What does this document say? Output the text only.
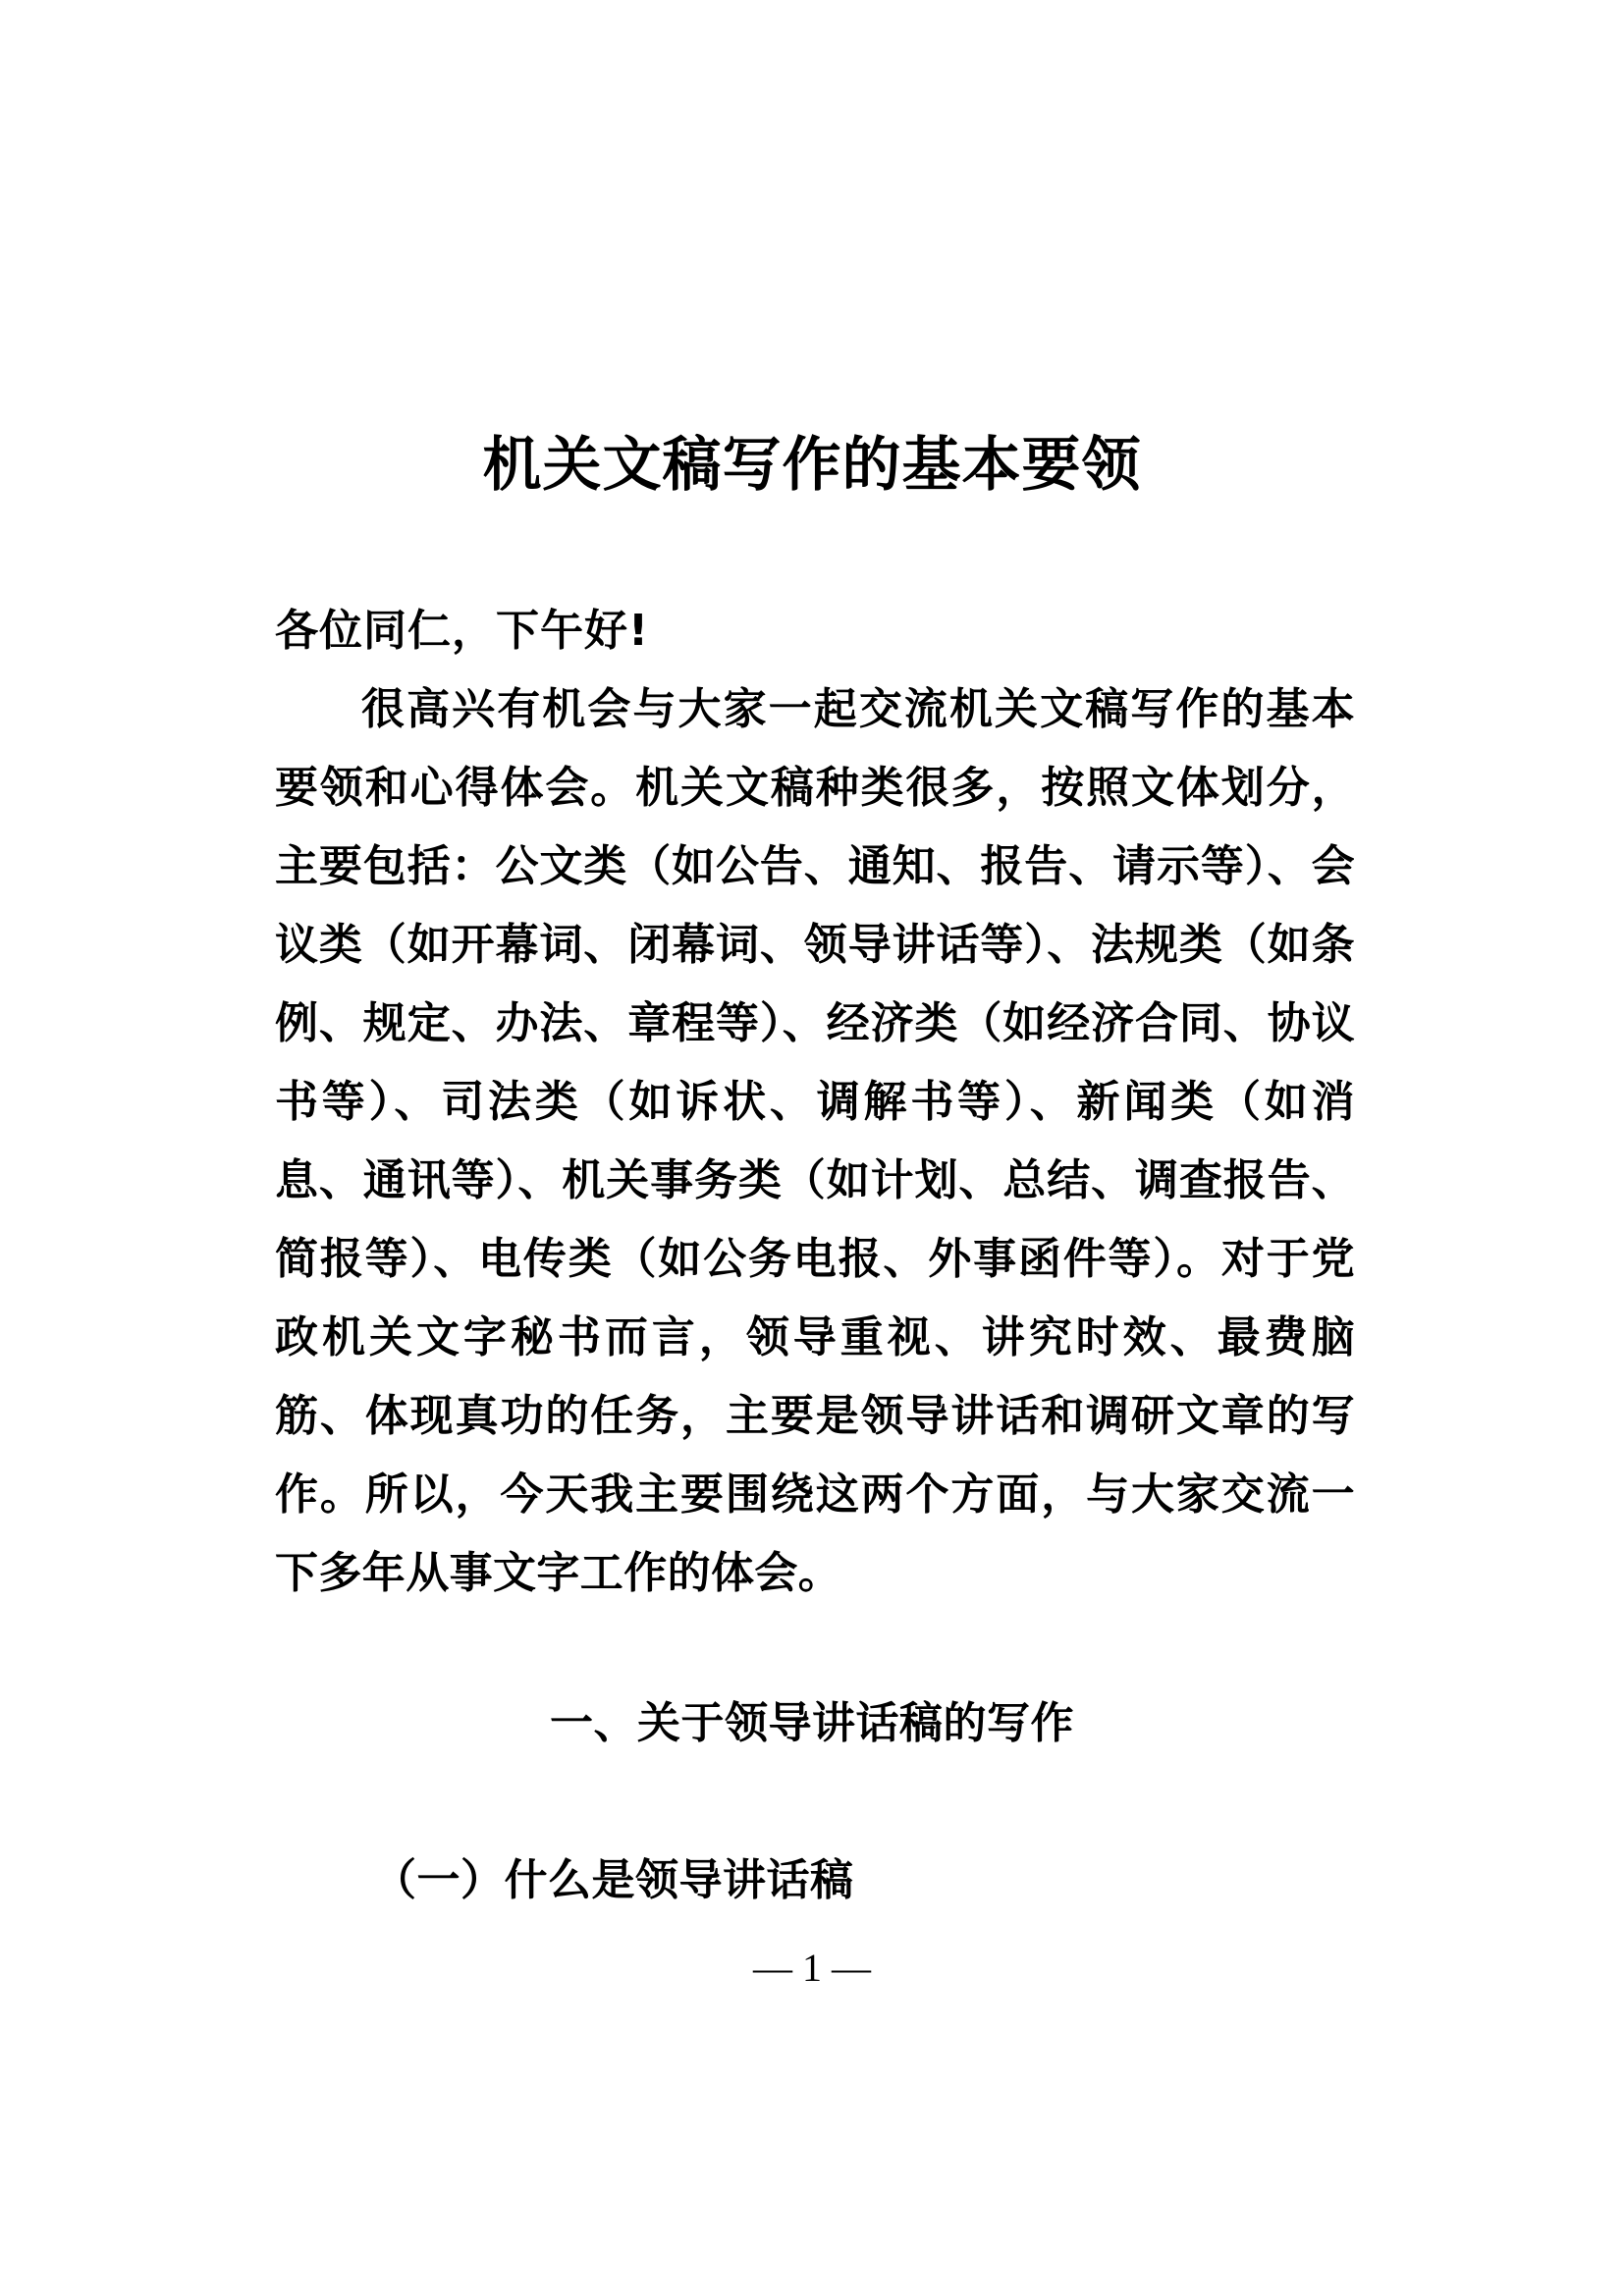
机关文稿写作的基本要领
各位同仁，下午好!
很高兴有机会与大家一起交流机关文稿写作的基本要领和心得体会。机关文稿种类很多，按照文体划分，主要包括：公文类（如公告、通知、报告、请示等）、会议类（如开幕词、闭幕词、领导讲话等）、法规类（如条例、规定、办法、章程等）、经济类（如经济合同、协议书等）、司法类（如诉状、调解书等）、新闻类（如消息、通讯等）、机关事务类（如计划、总结、调查报告、简报等）、电传类（如公务电报、外事函件等）。对于党政机关文字秘书而言，领导重视、讲究时效、最费脑筋、体现真功的任务，主要是领导讲话和调研文章的写作。所以，今天我主要围绕这两个方面，与大家交流一下多年从事文字工作的体会。
一、关于领导讲话稿的写作
（一）什么是领导讲话稿
— 1 —
